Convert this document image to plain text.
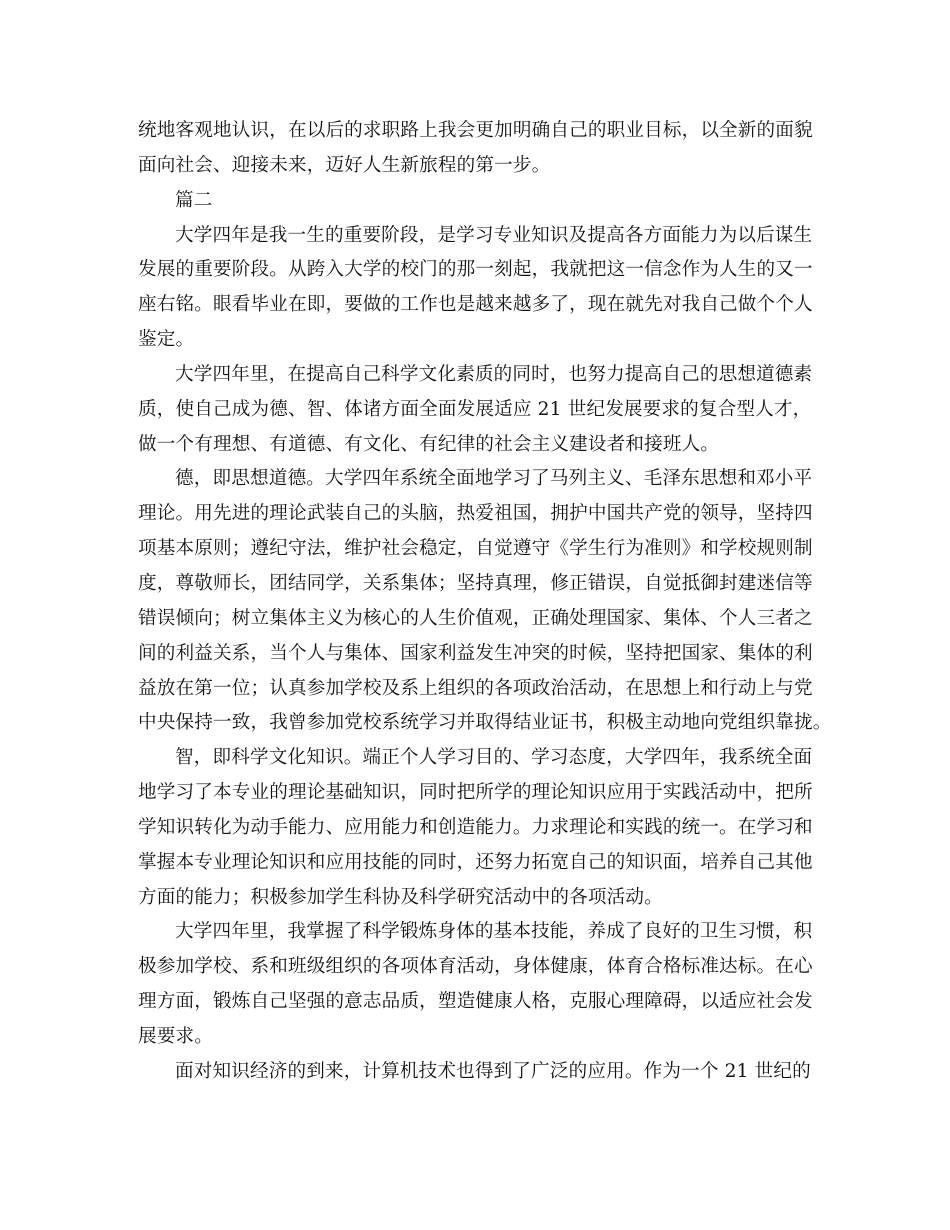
统地客观地认识，在以后的求职路上我会更加明确自己的职业目标，以全新的面貌
面向社会、迎接未来，迈好人生新旅程的第一步。
篇二
大学四年是我一生的重要阶段，是学习专业知识及提高各方面能力为以后谋生
发展的重要阶段。从跨入大学的校门的那一刻起，我就把这一信念作为人生的又一
座右铭。眼看毕业在即，要做的工作也是越来越多了，现在就先对我自己做个个人
鉴定。
大学四年里，在提高自己科学文化素质的同时，也努力提高自己的思想道德素
质，使自己成为德、智、体诸方面全面发展适应 21 世纪发展要求的复合型人才，
做一个有理想、有道德、有文化、有纪律的社会主义建设者和接班人。
德，即思想道德。大学四年系统全面地学习了马列主义、毛泽东思想和邓小平
理论。用先进的理论武装自己的头脑，热爱祖国，拥护中国共产党的领导，坚持四
项基本原则；遵纪守法，维护社会稳定，自觉遵守《学生行为准则》和学校规则制
度，尊敬师长，团结同学，关系集体；坚持真理，修正错误，自觉抵御封建迷信等
错误倾向；树立集体主义为核心的人生价值观，正确处理国家、集体、个人三者之
间的利益关系，当个人与集体、国家利益发生冲突的时候，坚持把国家、集体的利
益放在第一位；认真参加学校及系上组织的各项政治活动，在思想上和行动上与党
中央保持一致，我曾参加党校系统学习并取得结业证书，积极主动地向党组织靠拢。
智，即科学文化知识。端正个人学习目的、学习态度，大学四年，我系统全面
地学习了本专业的理论基础知识，同时把所学的理论知识应用于实践活动中，把所
学知识转化为动手能力、应用能力和创造能力。力求理论和实践的统一。在学习和
掌握本专业理论知识和应用技能的同时，还努力拓宽自己的知识面，培养自己其他
方面的能力；积极参加学生科协及科学研究活动中的各项活动。
大学四年里，我掌握了科学锻炼身体的基本技能，养成了良好的卫生习惯，积
极参加学校、系和班级组织的各项体育活动，身体健康，体育合格标准达标。在心
理方面，锻炼自己坚强的意志品质，塑造健康人格，克服心理障碍，以适应社会发
展要求。
面对知识经济的到来，计算机技术也得到了广泛的应用。作为一个 21 世纪的
